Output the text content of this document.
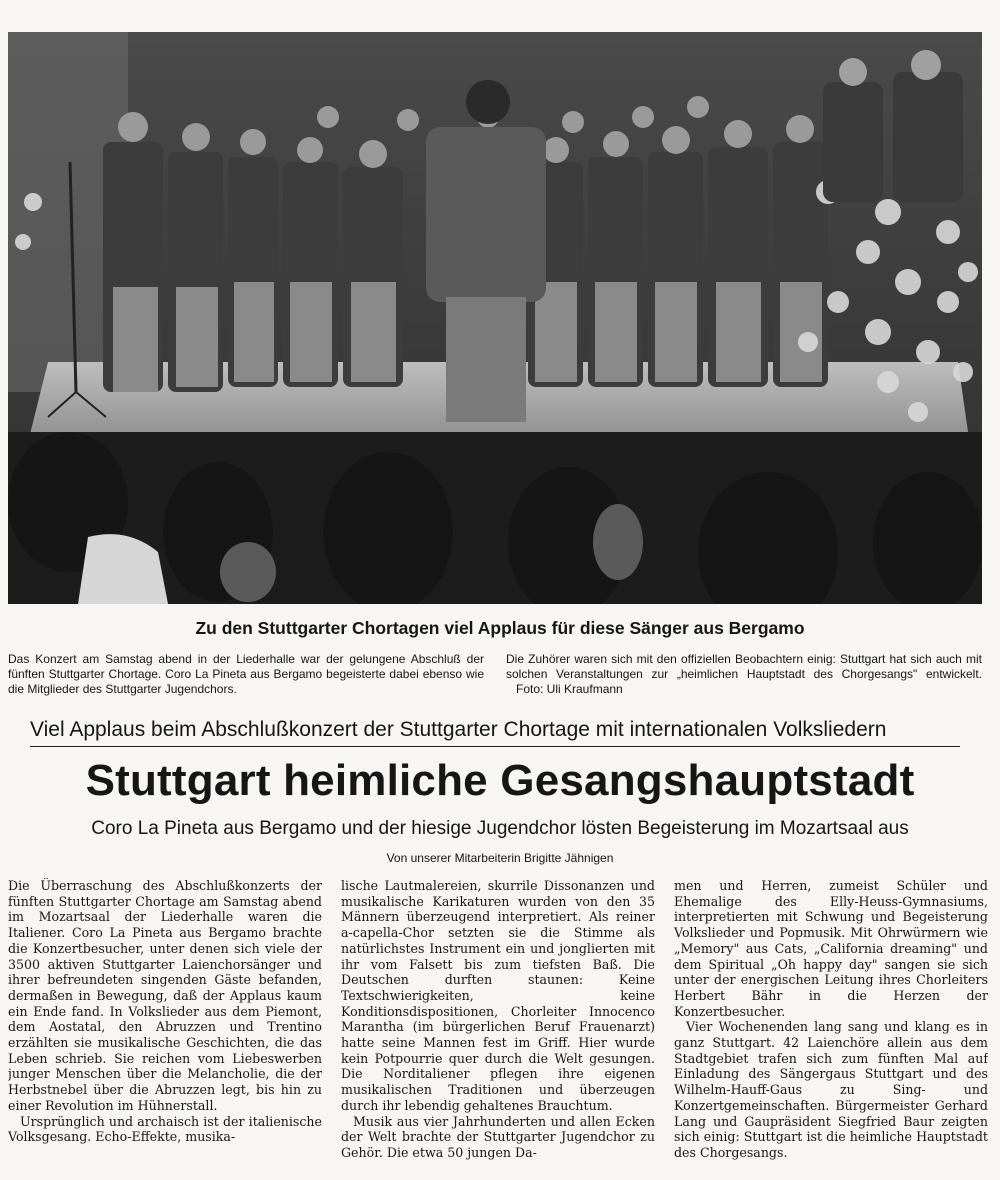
Zu den Stuttgarter Chortagen viel Applaus für diese Sänger aus Bergamo
Das Konzert am Samstag abend in der Liederhalle war der gelungene Abschluß der fünften Stuttgarter Chortage. Coro La Pineta aus Bergamo begeisterte dabei ebenso wie die Mitglieder des Stuttgarter Jugendchors.
Die Zuhörer waren sich mit den offiziellen Beobachtern einig: Stuttgart hat sich auch mit solchen Veranstaltungen zur „heimlichen Hauptstadt des Chorgesangs" entwickelt. Foto: Uli Kraufmann
Viel Applaus beim Abschlußkonzert der Stuttgarter Chortage mit internationalen Volksliedern
Stuttgart heimliche Gesangshauptstadt
Coro La Pineta aus Bergamo und der hiesige Jugendchor lösten Begeisterung im Mozartsaal aus
Von unserer Mitarbeiterin Brigitte Jähnigen

Die Überraschung des Abschlußkonzerts der fünften Stuttgarter Chortage am Samstag abend im Mozartsaal der Liederhalle waren die Italiener. Coro La Pineta aus Bergamo brachte die Konzertbesucher, unter denen sich viele der 3500 aktiven Stuttgarter Laienchorsänger und ihrer befreundeten singenden Gäste befanden, dermaßen in Bewegung, daß der Applaus kaum ein Ende fand. In Volkslieder aus dem Piemont, dem Aostatal, den Abruzzen und Trentino erzählten sie musikalische Geschichten, die das Leben schrieb. Sie reichen vom Liebeswerben junger Menschen über die Melancholie, die der Herbstnebel über die Abruzzen legt, bis hin zu einer Revolution im Hühnerstall.

Ursprünglich und archaisch ist der italienische Volksgesang. Echo-Effekte, musika-

lische Lautmalereien, skurrile Dissonanzen und musikalische Karikaturen wurden von den 35 Männern überzeugend interpretiert. Als reiner a-capella-Chor setzten sie die Stimme als natürlichstes Instrument ein und jonglierten mit ihr vom Falsett bis zum tiefsten Baß. Die Deutschen durften staunen: Keine Textschwierigkeiten, keine Konditionsdispositionen, Chorleiter Innocenco Marantha (im bürgerlichen Beruf Frauenarzt) hatte seine Mannen fest im Griff. Hier wurde kein Potpourrie quer durch die Welt gesungen. Die Norditaliener pflegen ihre eigenen musikalischen Traditionen und überzeugen durch ihr lebendig gehaltenes Brauchtum.

Musik aus vier Jahrhunderten und allen Ecken der Welt brachte der Stuttgarter Jugendchor zu Gehör. Die etwa 50 jungen Da-

men und Herren, zumeist Schüler und Ehemalige des Elly-Heuss-Gymnasiums, interpretierten mit Schwung und Begeisterung Volkslieder und Popmusik. Mit Ohrwürmern wie „Memory" aus Cats, „California dreaming" und dem Spiritual „Oh happy day" sangen sie sich unter der energischen Leitung ihres Chorleiters Herbert Bähr in die Herzen der Konzertbesucher.

Vier Wochenenden lang sang und klang es in ganz Stuttgart. 42 Laienchöre allein aus dem Stadtgebiet trafen sich zum fünften Mal auf Einladung des Sängergaus Stuttgart und des Wilhelm-Hauff-Gaus zu Sing- und Konzertgemeinschaften. Bürgermeister Gerhard Lang und Gaupräsident Siegfried Baur zeigten sich einig: Stuttgart ist die heimliche Hauptstadt des Chorgesangs.
